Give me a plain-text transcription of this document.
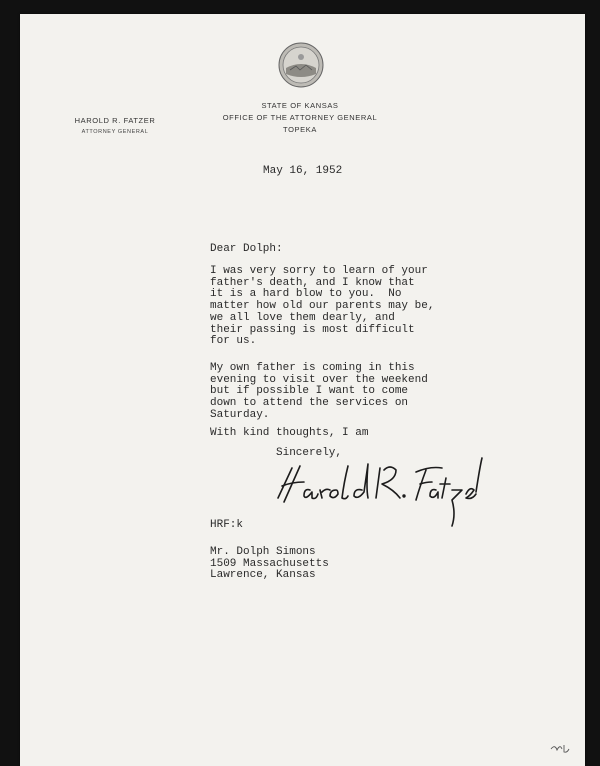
HAROLD R. FATZER
ATTORNEY GENERAL
STATE OF KANSAS
OFFICE OF THE ATTORNEY GENERAL
TOPEKA
May 16, 1952
Dear Dolph:
I was very sorry to learn of your
father's death, and I know that
it is a hard blow to you.  No
matter how old our parents may be,
we all love them dearly, and
their passing is most difficult
for us.
My own father is coming in this
evening to visit over the weekend
but if possible I want to come
down to attend the services on
Saturday.
With kind thoughts, I am
Sincerely,
HRF:k
Mr. Dolph Simons
1509 Massachusetts
Lawrence, Kansas
